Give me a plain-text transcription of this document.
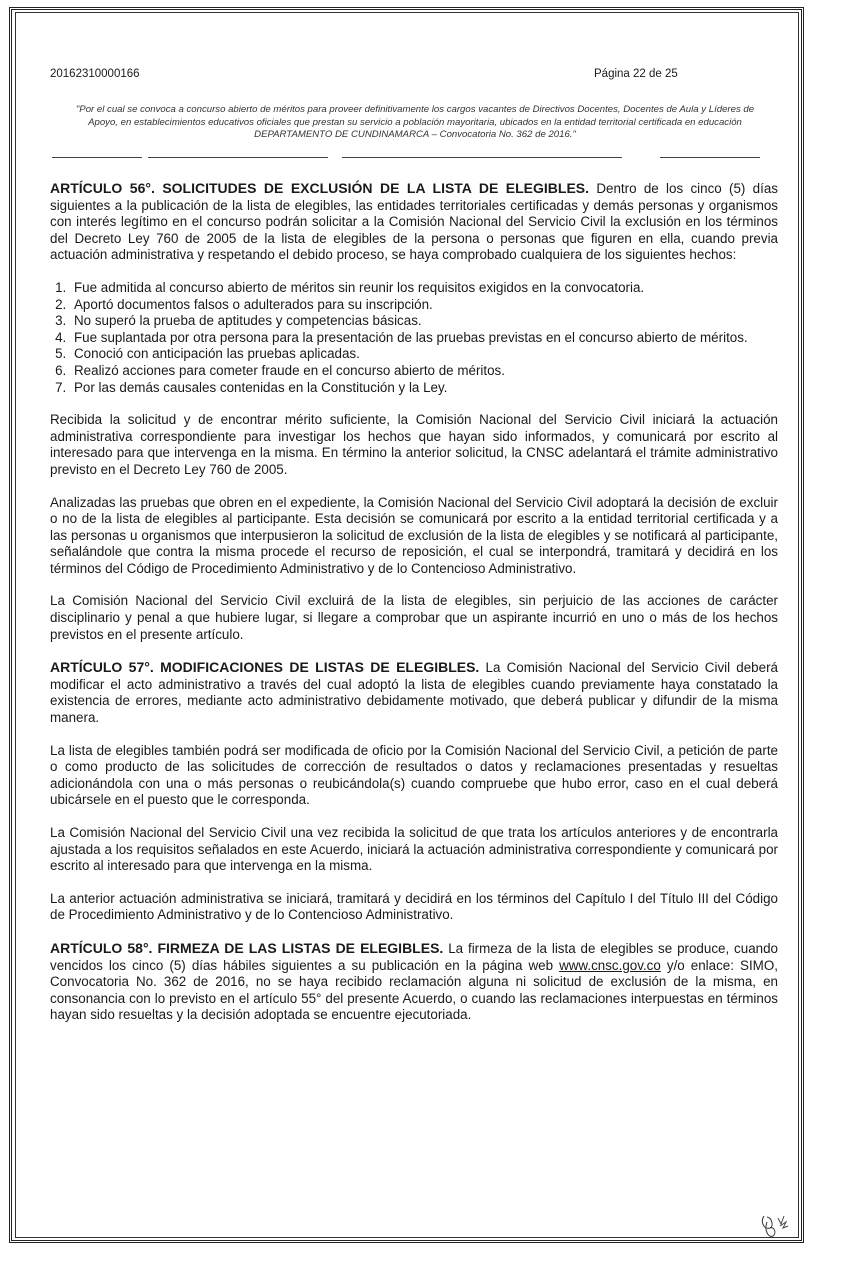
20162310000166	Página 22 de 25
"Por el cual se convoca a concurso abierto de méritos para proveer definitivamente los cargos vacantes de Directivos Docentes, Docentes de Aula y Líderes de Apoyo, en establecimientos educativos oficiales que prestan su servicio a población mayoritaria, ubicados en la entidad territorial certificada en educación DEPARTAMENTO DE CUNDINAMARCA – Convocatoria No. 362 de 2016."

ARTÍCULO 56°. SOLICITUDES DE EXCLUSIÓN DE LA LISTA DE ELEGIBLES. Dentro de los cinco (5) días siguientes a la publicación de la lista de elegibles, las entidades territoriales certificadas y demás personas y organismos con interés legítimo en el concurso podrán solicitar a la Comisión Nacional del Servicio Civil la exclusión en los términos del Decreto Ley 760 de 2005 de la lista de elegibles de la persona o personas que figuren en ella, cuando previa actuación administrativa y respetando el debido proceso, se haya comprobado cualquiera de los siguientes hechos:

1. Fue admitida al concurso abierto de méritos sin reunir los requisitos exigidos en la convocatoria.
2. Aportó documentos falsos o adulterados para su inscripción.
3. No superó la prueba de aptitudes y competencias básicas.
4. Fue suplantada por otra persona para la presentación de las pruebas previstas en el concurso abierto de méritos.
5. Conoció con anticipación las pruebas aplicadas.
6. Realizó acciones para cometer fraude en el concurso abierto de méritos.
7. Por las demás causales contenidas en la Constitución y la Ley.

Recibida la solicitud y de encontrar mérito suficiente, la Comisión Nacional del Servicio Civil iniciará la actuación administrativa correspondiente para investigar los hechos que hayan sido informados, y comunicará por escrito al interesado para que intervenga en la misma. En término la anterior solicitud, la CNSC adelantará el trámite administrativo previsto en el Decreto Ley 760 de 2005.

Analizadas las pruebas que obren en el expediente, la Comisión Nacional del Servicio Civil adoptará la decisión de excluir o no de la lista de elegibles al participante. Esta decisión se comunicará por escrito a la entidad territorial certificada y a las personas u organismos que interpusieron la solicitud de exclusión de la lista de elegibles y se notificará al participante, señalándole que contra la misma procede el recurso de reposición, el cual se interpondrá, tramitará y decidirá en los términos del Código de Procedimiento Administrativo y de lo Contencioso Administrativo.

La Comisión Nacional del Servicio Civil excluirá de la lista de elegibles, sin perjuicio de las acciones de carácter disciplinario y penal a que hubiere lugar, si llegare a comprobar que un aspirante incurrió en uno o más de los hechos previstos en el presente artículo.

ARTÍCULO 57°. MODIFICACIONES DE LISTAS DE ELEGIBLES. La Comisión Nacional del Servicio Civil deberá modificar el acto administrativo a través del cual adoptó la lista de elegibles cuando previamente haya constatado la existencia de errores, mediante acto administrativo debidamente motivado, que deberá publicar y difundir de la misma manera.

La lista de elegibles también podrá ser modificada de oficio por la Comisión Nacional del Servicio Civil, a petición de parte o como producto de las solicitudes de corrección de resultados o datos y reclamaciones presentadas y resueltas adicionándola con una o más personas o reubicándola(s) cuando compruebe que hubo error, caso en el cual deberá ubicársele en el puesto que le corresponda.

La Comisión Nacional del Servicio Civil una vez recibida la solicitud de que trata los artículos anteriores y de encontrarla ajustada a los requisitos señalados en este Acuerdo, iniciará la actuación administrativa correspondiente y comunicará por escrito al interesado para que intervenga en la misma.

La anterior actuación administrativa se iniciará, tramitará y decidirá en los términos del Capítulo I del Título III del Código de Procedimiento Administrativo y de lo Contencioso Administrativo.

ARTÍCULO 58°. FIRMEZA DE LAS LISTAS DE ELEGIBLES. La firmeza de la lista de elegibles se produce, cuando vencidos los cinco (5) días hábiles siguientes a su publicación en la página web www.cnsc.gov.co y/o enlace: SIMO, Convocatoria No. 362 de 2016, no se haya recibido reclamación alguna ni solicitud de exclusión de la misma, en consonancia con lo previsto en el artículo 55° del presente Acuerdo, o cuando las reclamaciones interpuestas en términos hayan sido resueltas y la decisión adoptada se encuentre ejecutoriada.
